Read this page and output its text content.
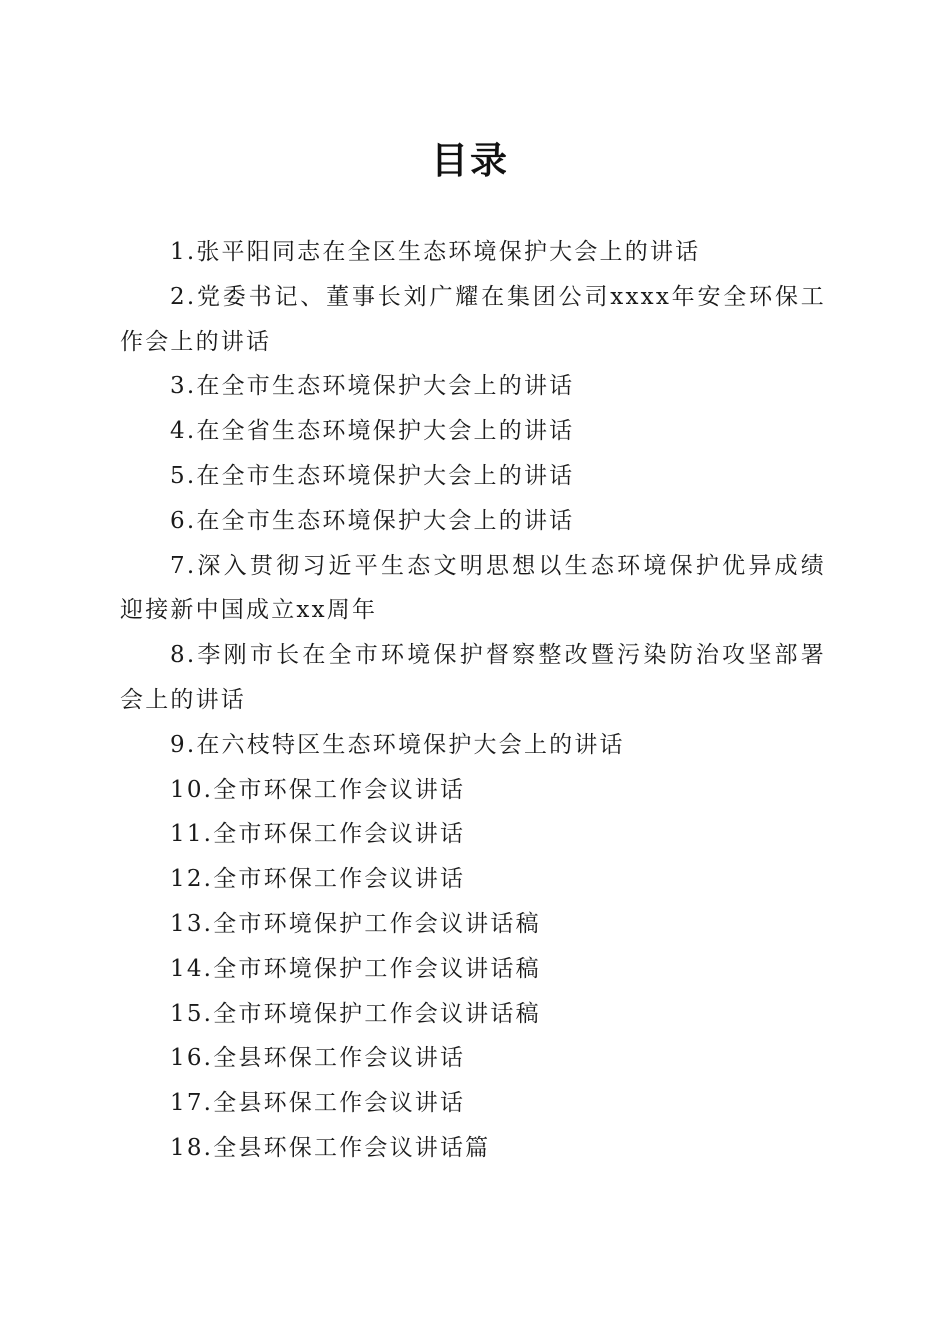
目录
1.张平阳同志在全区生态环境保护大会上的讲话
2.党委书记、董事长刘广耀在集团公司xxxx年安全环保工作会上的讲话
3.在全市生态环境保护大会上的讲话
4.在全省生态环境保护大会上的讲话
5.在全市生态环境保护大会上的讲话
6.在全市生态环境保护大会上的讲话
7.深入贯彻习近平生态文明思想以生态环境保护优异成绩迎接新中国成立xx周年
8.李刚市长在全市环境保护督察整改暨污染防治攻坚部署会上的讲话
9.在六枝特区生态环境保护大会上的讲话
10.全市环保工作会议讲话
11.全市环保工作会议讲话
12.全市环保工作会议讲话
13.全市环境保护工作会议讲话稿
14.全市环境保护工作会议讲话稿
15.全市环境保护工作会议讲话稿
16.全县环保工作会议讲话
17.全县环保工作会议讲话
18.全县环保工作会议讲话篇
